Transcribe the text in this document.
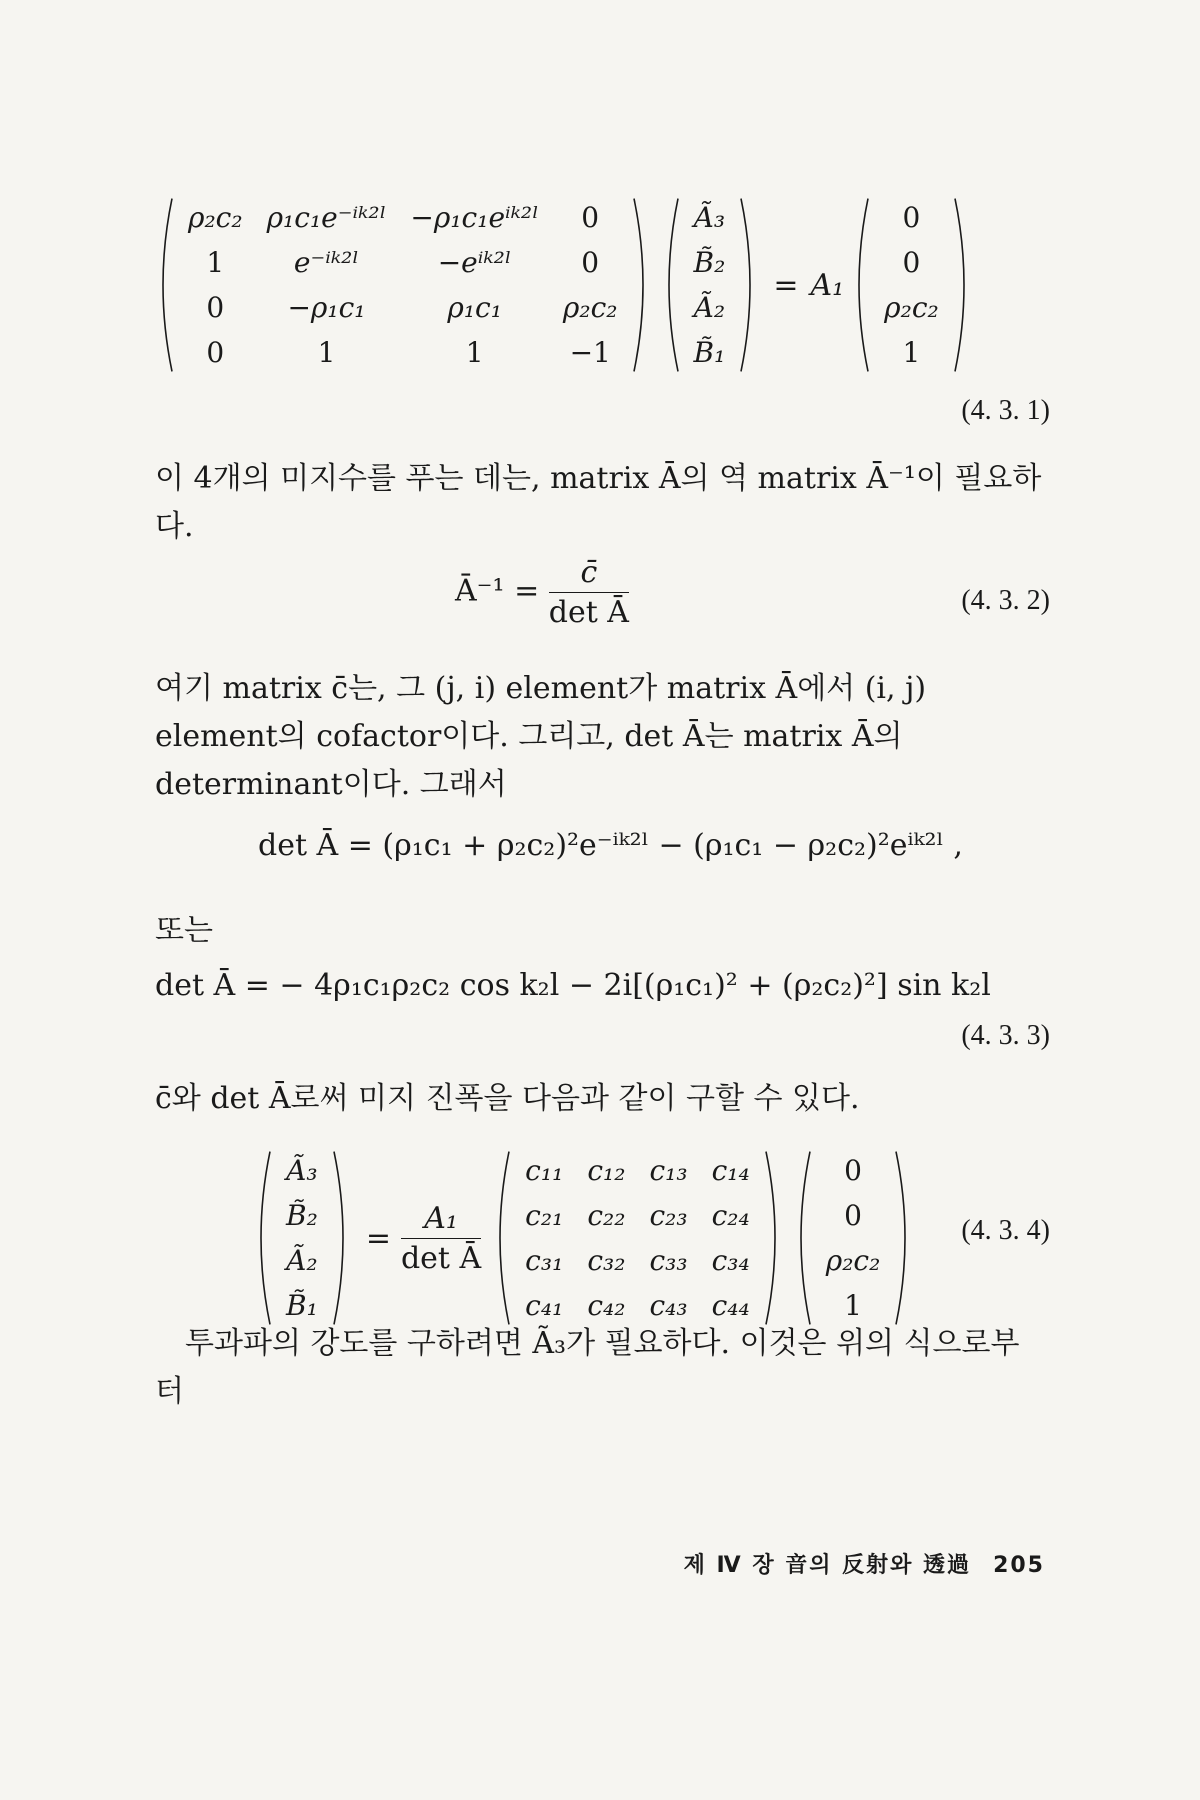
ρ₂c₂	ρ₁c₁e⁻ⁱᵏ²ˡ	−ρ₁c₁eⁱᵏ²ˡ	0
1	e⁻ⁱᵏ²ˡ	−eⁱᵏ²ˡ	0
0	−ρ₁c₁	ρ₁c₁	ρ₂c₂
0	1	1	−1
Ã₃
B̃₂
Ã₂
B̃₁
= A₁
0
0
ρ₂c₂
1
(4. 3. 1)
이 4개의 미지수를 푸는 데는, matrix Ā의 역 matrix Ā⁻¹이 필요하다.
Ā⁻¹ = $\frac{c̄}{\text{det Ā}}$	(4. 3. 2)
여기 matrix c̄는, 그 (j, i) element가 matrix Ā에서 (i, j) element의 cofactor이다. 그리고, det Ā는 matrix Ā의 determinant이다. 그래서
det Ā = (ρ₁c₁ + ρ₂c₂)²e⁻ⁱᵏ²ˡ − (ρ₁c₁ − ρ₂c₂)²eⁱᵏ²ˡ ,
또는
det Ā = − 4ρ₁c₁ρ₂c₂ cos k₂l − 2i[(ρ₁c₁)² + (ρ₂c₂)²] sin k₂l
(4. 3. 3)
c̄와 det Ā로써 미지 진폭을 다음과 같이 구할 수 있다.
Ã₃
B̃₂
Ã₂
B̃₁
= $\frac{\text{A₁}}{\text{det Ā}}$
c₁₁	c₁₂	c₁₃	c₁₄
c₂₁	c₂₂	c₂₃	c₂₄
c₃₁	c₃₂	c₃₃	c₃₄
c₄₁	c₄₂	c₄₃	c₄₄
0
0
ρ₂c₂
1
(4. 3. 4)
투과파의 강도를 구하려면 Ã₃가 필요하다. 이것은 위의 식으로부터
제 Ⅳ 장 音의 反射와 透過 205
